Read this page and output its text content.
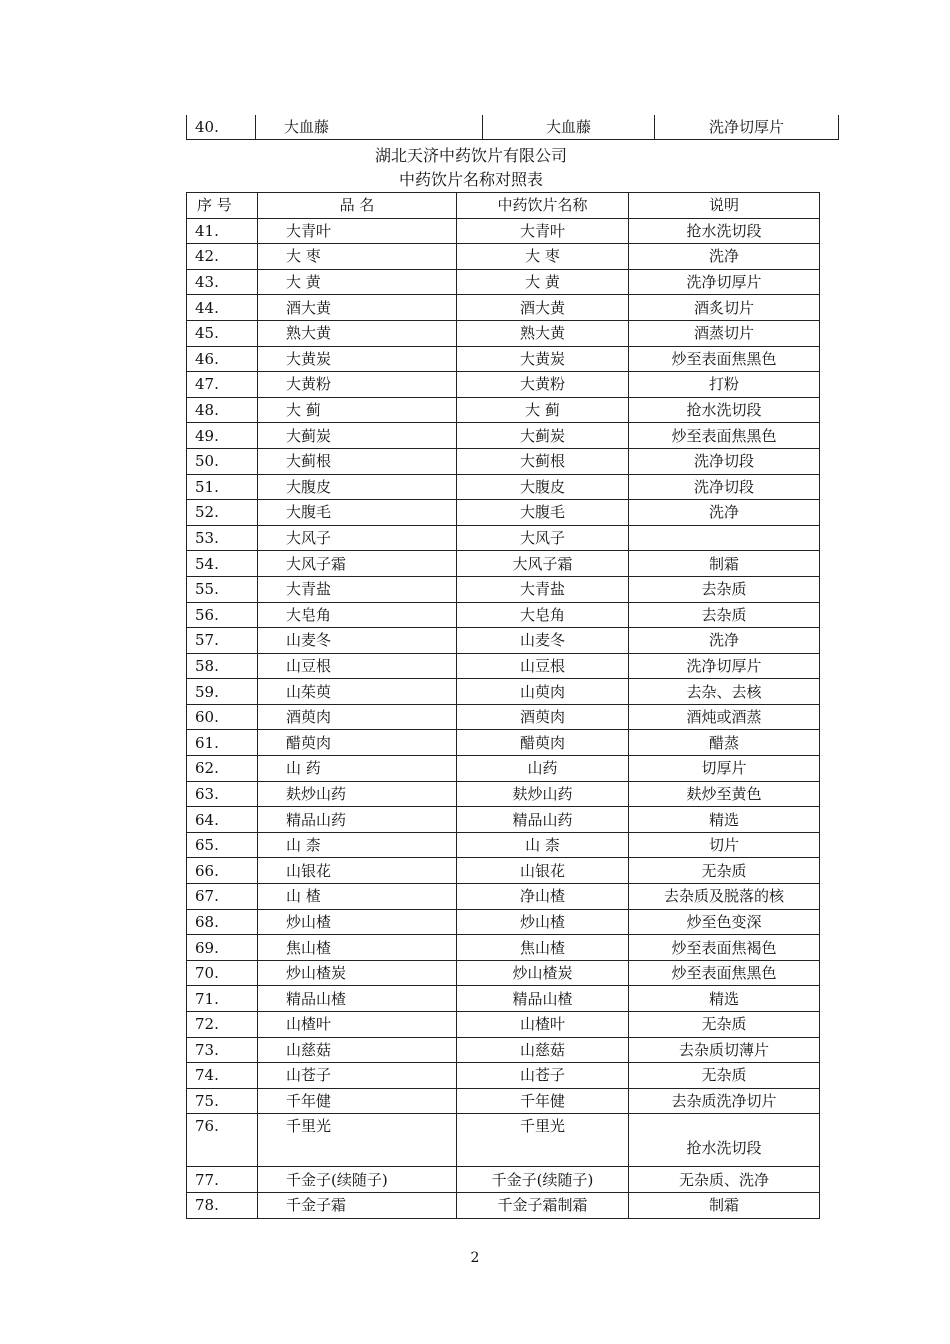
40.	大血藤	大血藤	洗净切厚片
湖北天济中药饮片有限公司
中药饮片名称对照表
序 号	品 名	中药饮片名称	说明
41.	大青叶	大青叶	抢水洗切段
42.	大 枣	大 枣	洗净
43.	大 黄	大 黄	洗净切厚片
44.	酒大黄	酒大黄	酒炙切片
45.	熟大黄	熟大黄	酒蒸切片
46.	大黄炭	大黄炭	炒至表面焦黑色
47.	大黄粉	大黄粉	打粉
48.	大 蓟	大 蓟	抢水洗切段
49.	大蓟炭	大蓟炭	炒至表面焦黑色
50.	大蓟根	大蓟根	洗净切段
51.	大腹皮	大腹皮	洗净切段
52.	大腹毛	大腹毛	洗净
53.	大风子	大风子	
54.	大风子霜	大风子霜	制霜
55.	大青盐	大青盐	去杂质
56.	大皂角	大皂角	去杂质
57.	山麦冬	山麦冬	洗净
58.	山豆根	山豆根	洗净切厚片
59.	山茱萸	山萸肉	去杂、去核
60.	酒萸肉	酒萸肉	酒炖或酒蒸
61.	醋萸肉	醋萸肉	醋蒸
62.	山 药	山药	切厚片
63.	麸炒山药	麸炒山药	麸炒至黄色
64.	精品山药	精品山药	精选
65.	山 柰	山 柰	切片
66.	山银花	山银花	无杂质
67.	山 楂	净山楂	去杂质及脱落的核
68.	炒山楂	炒山楂	炒至色变深
69.	焦山楂	焦山楂	炒至表面焦褐色
70.	炒山楂炭	炒山楂炭	炒至表面焦黑色
71.	精品山楂	精品山楂	精选
72.	山楂叶	山楂叶	无杂质
73.	山慈菇	山慈菇	去杂质切薄片
74.	山苍子	山苍子	无杂质
75.	千年健	千年健	去杂质洗净切片
76.	千里光	千里光	抢水洗切段
77.	千金子(续随子)	千金子(续随子)	无杂质、洗净
78.	千金子霜	千金子霜制霜	制霜
2
